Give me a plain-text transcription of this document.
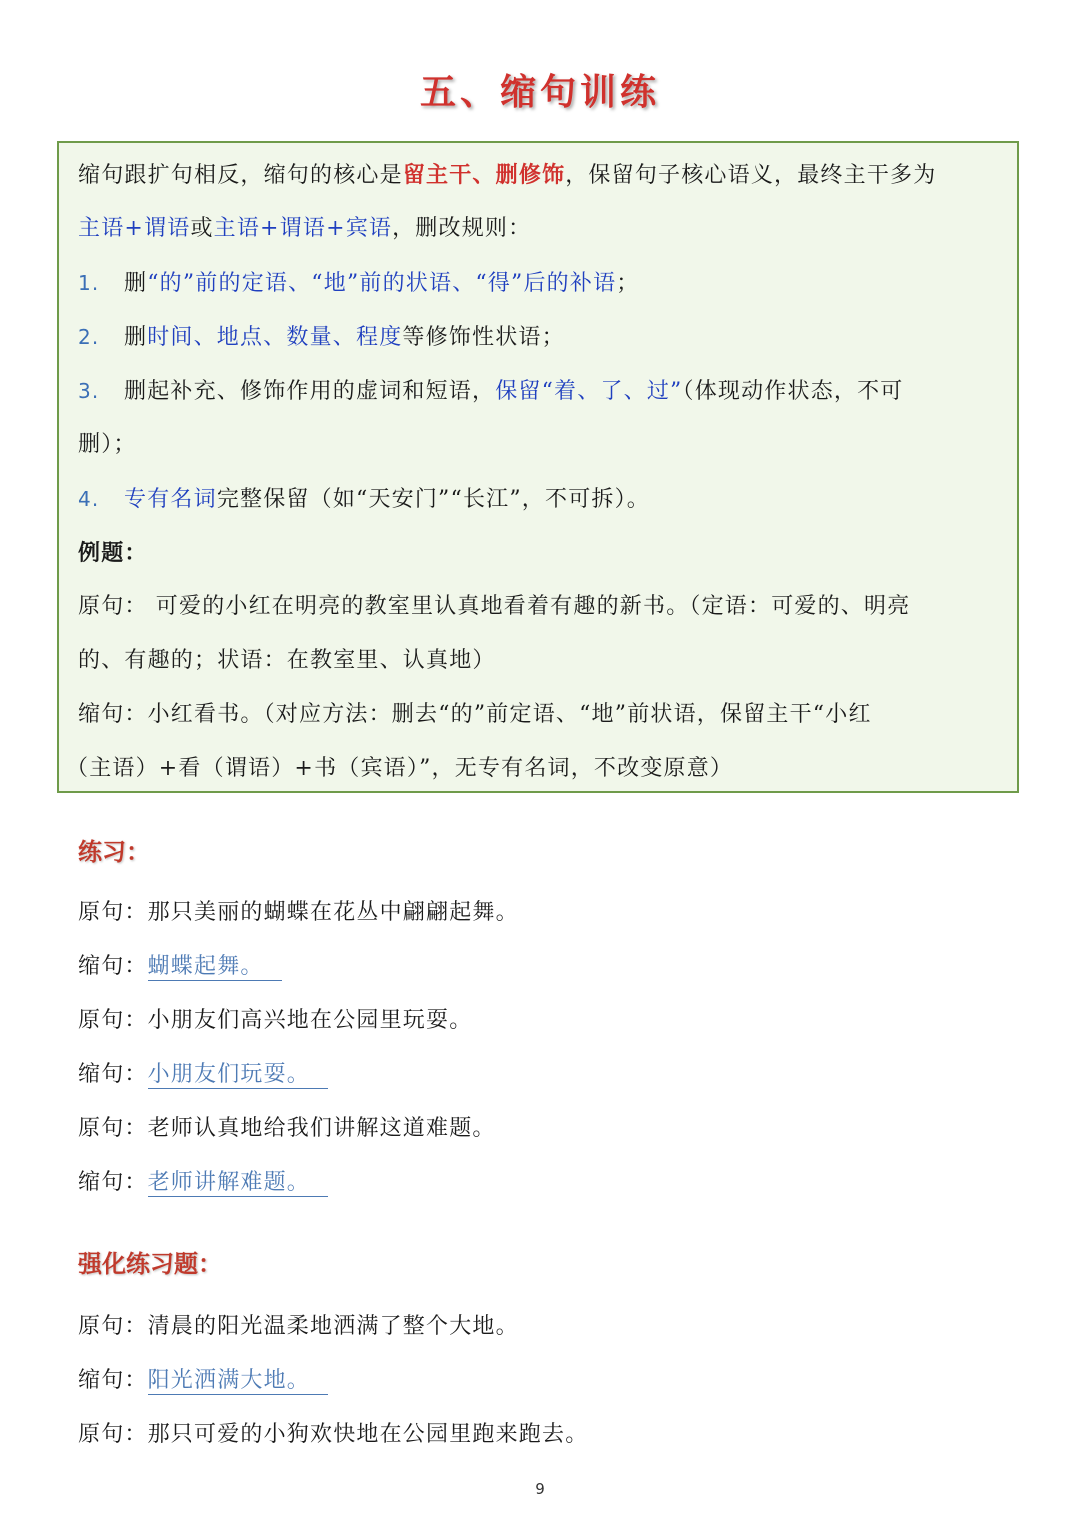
五、缩句训练
缩句跟扩句相反，缩句的核心是留主干、删修饰，保留句子核心语义，最终主干多为
主语+谓语或主语+谓语+宾语，删改规则：
1. 删“的”前的定语、“地”前的状语、“得”后的补语；
2. 删时间、地点、数量、程度等修饰性状语；
3. 删起补充、修饰作用的虚词和短语，保留“着、了、过”（体现动作状态，不可
删）；
4. 专有名词完整保留（如“天安门”“长江”，不可拆）。
例题：
原句： 可爱的小红在明亮的教室里认真地看着有趣的新书。（定语：可爱的、明亮
的、有趣的；状语：在教室里、认真地）
缩句：小红看书。（对应方法：删去“的”前定语、“地”前状语，保留主干“小红
（主语）+看（谓语）+书（宾语）”，无专有名词，不改变原意）
练习：
原句：那只美丽的蝴蝶在花丛中翩翩起舞。
缩句：蝴蝶起舞。
原句：小朋友们高兴地在公园里玩耍。
缩句：小朋友们玩耍。
原句：老师认真地给我们讲解这道难题。
缩句：老师讲解难题。
强化练习题：
原句：清晨的阳光温柔地洒满了整个大地。
缩句：阳光洒满大地。
原句：那只可爱的小狗欢快地在公园里跑来跑去。
9
